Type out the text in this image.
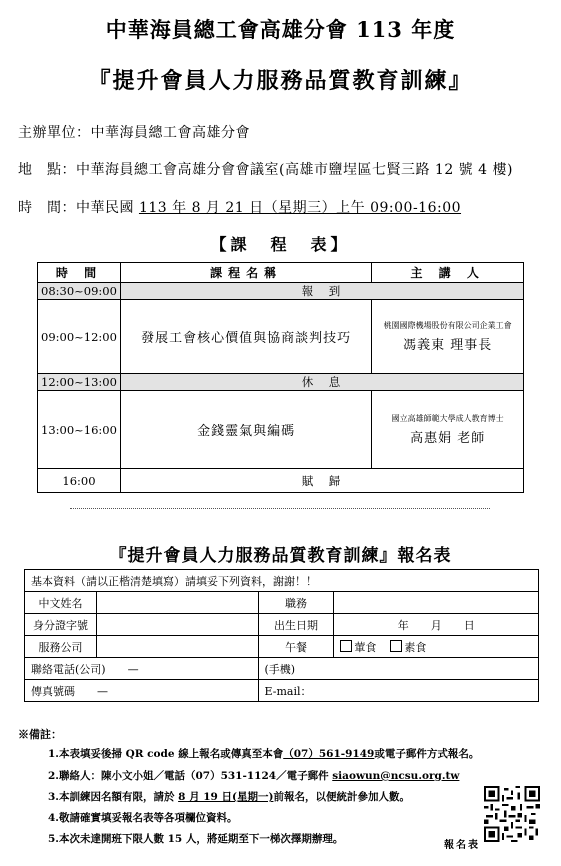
中華海員總工會高雄分會 113 年度
『提升會員人力服務品質教育訓練』
主辦單位：中華海員總工會高雄分會
地　點：中華海員總工會高雄分會會議室(高雄市鹽埕區七賢三路 12 號 4 樓)
時　間：中華民國 113 年 8 月 21 日（星期三）上午 09:00-16:00
【課　程　表】
時 間	課程名稱	主 講 人
08:30~09:00	報　到	
09:00~12:00	發展工會核心價值與協商談判技巧	桃園國際機場股份有限公司企業工會
馮義東 理事長
12:00~13:00	休　息	
13:00~16:00	金錢靈氣與編碼	國立高雄師範大學成人教育博士
高惠娟 老師
16:00	賦　歸	
『提升會員人力服務品質教育訓練』報名表
基本資料（請以正楷清楚填寫）請填妥下列資料，謝謝！！			
中文姓名		職務	
身分證字號		出生日期	年　　月　　日
服務公司		午餐	葷食 素食
聯絡電話(公司)　　—		(手機)	
傳真號碼　　—		E-mail：	
※備註：
1.本表填妥後掃 QR code 線上報名或傳真至本會（07）561-9149或電子郵件方式報名。
2.聯絡人：陳小文小姐／電話（07）531-1124／電子郵件 siaowun@ncsu.org.tw
3.本訓練因名額有限，請於 8 月 19 日(星期一)前報名，以便統計參加人數。
4.敬請確實填妥報名表等各項欄位資料。
5.本次未達開班下限人數 15 人，將延期至下一梯次擇期辦理。
報名表
